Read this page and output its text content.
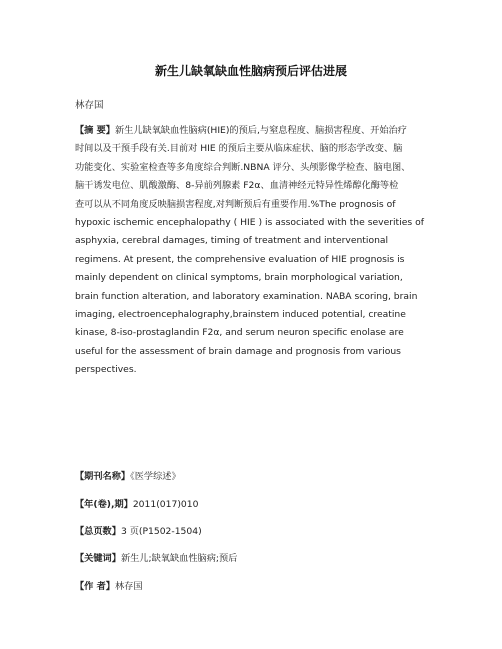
新生儿缺氧缺血性脑病预后评估进展
林存国
【摘 要】新生儿缺氧缺血性脑病(HIE)的预后,与窒息程度、脑损害程度、开始治疗
时间以及干预手段有关.目前对 HIE 的预后主要从临床症状、脑的形态学改变、脑
功能变化、实验室检查等多角度综合判断.NBNA 评分、头颅影像学检查、脑电图、
脑干诱发电位、肌酸激酶、8-异前列腺素 F2α、血清神经元特异性烯醇化酶等检
查可以从不同角度反映脑损害程度,对判断预后有重要作用.%The prognosis of
hypoxic ischemic encephalopathy ( HIE ) is associated with the severities of
asphyxia, cerebral damages, timing of treatment and interventional
regimens. At present, the comprehensive evaluation of HIE prognosis is
mainly dependent on clinical symptoms, brain morphological variation,
brain function alteration, and laboratory examination. NABA scoring, brain
imaging, electroencephalography,brainstem induced potential, creatine
kinase, 8-iso-prostaglandin F2α, and serum neuron specific enolase are
useful for the assessment of brain damage and prognosis from various
perspectives.
【期刊名称】《医学综述》
【年(卷),期】2011(017)010
【总页数】3 页(P1502-1504)
【关键词】新生儿;缺氧缺血性脑病;预后
【作 者】林存国
